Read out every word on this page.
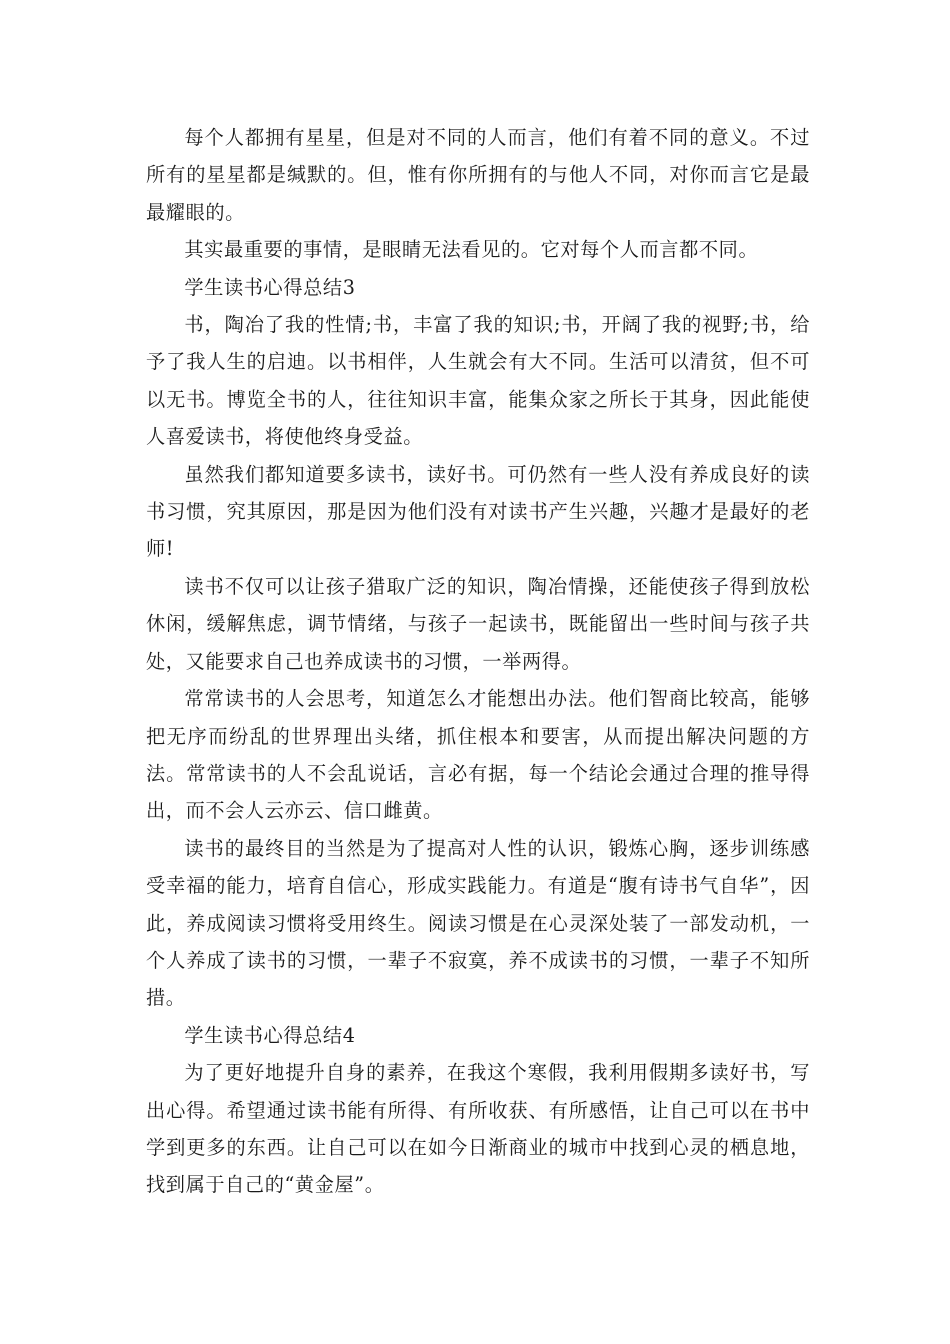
每个人都拥有星星，但是对不同的人而言，他们有着不同的意义。不过所有的星星都是缄默的。但，惟有你所拥有的与他人不同，对你而言它是最最耀眼的。

其实最重要的事情，是眼睛无法看见的。它对每个人而言都不同。

学生读书心得总结3

书，陶冶了我的性情;书，丰富了我的知识;书，开阔了我的视野;书，给予了我人生的启迪。以书相伴，人生就会有大不同。生活可以清贫，但不可以无书。博览全书的人，往往知识丰富，能集众家之所长于其身，因此能使人喜爱读书，将使他终身受益。

虽然我们都知道要多读书，读好书。可仍然有一些人没有养成良好的读书习惯，究其原因，那是因为他们没有对读书产生兴趣，兴趣才是最好的老师!

读书不仅可以让孩子猎取广泛的知识，陶冶情操，还能使孩子得到放松休闲，缓解焦虑，调节情绪，与孩子一起读书，既能留出一些时间与孩子共处，又能要求自己也养成读书的习惯，一举两得。

常常读书的人会思考，知道怎么才能想出办法。他们智商比较高，能够把无序而纷乱的世界理出头绪，抓住根本和要害，从而提出解决问题的方法。常常读书的人不会乱说话，言必有据，每一个结论会通过合理的推导得出，而不会人云亦云、信口雌黄。

读书的最终目的当然是为了提高对人性的认识，锻炼心胸，逐步训练感受幸福的能力，培育自信心，形成实践能力。有道是“腹有诗书气自华”，因此，养成阅读习惯将受用终生。阅读习惯是在心灵深处装了一部发动机，一个人养成了读书的习惯，一辈子不寂寞，养不成读书的习惯，一辈子不知所措。

学生读书心得总结4

为了更好地提升自身的素养，在我这个寒假，我利用假期多读好书，写出心得。希望通过读书能有所得、有所收获、有所感悟，让自己可以在书中学到更多的东西。让自己可以在如今日渐商业的城市中找到心灵的栖息地，找到属于自己的“黄金屋”。
